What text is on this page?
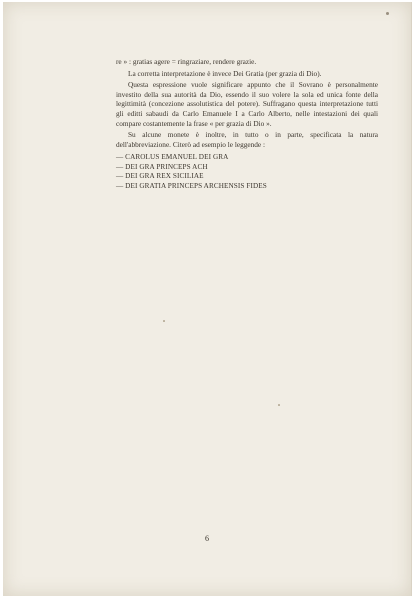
re » : gratias agere = ringraziare, rendere grazie.

La corretta interpretazione è invece Dei Gratia (per grazia di Dio).

Questa espressione vuole significare appunto che il Sovrano è personalmente investito della sua autorità da Dio, essendo il suo volere la sola ed unica fonte della legittimità (concezione assolutistica del potere). Suffragano questa interpretazione tutti gli editti sabaudi da Carlo Emanuele I a Carlo Alberto, nelle intestazioni dei quali compare costantemente la frase « per grazia di Dio ».

Su alcune monete è inoltre, in tutto o in parte, specificata la natura dell'abbreviazione. Citerò ad esempio le leggende :

— CAROLUS EMANUEL DEI GRA
— DEI GRA PRINCEPS ACH
— DEI GRA REX SICILIAE
— DEI GRATIA PRINCEPS ARCHENSIS FIDES
6
